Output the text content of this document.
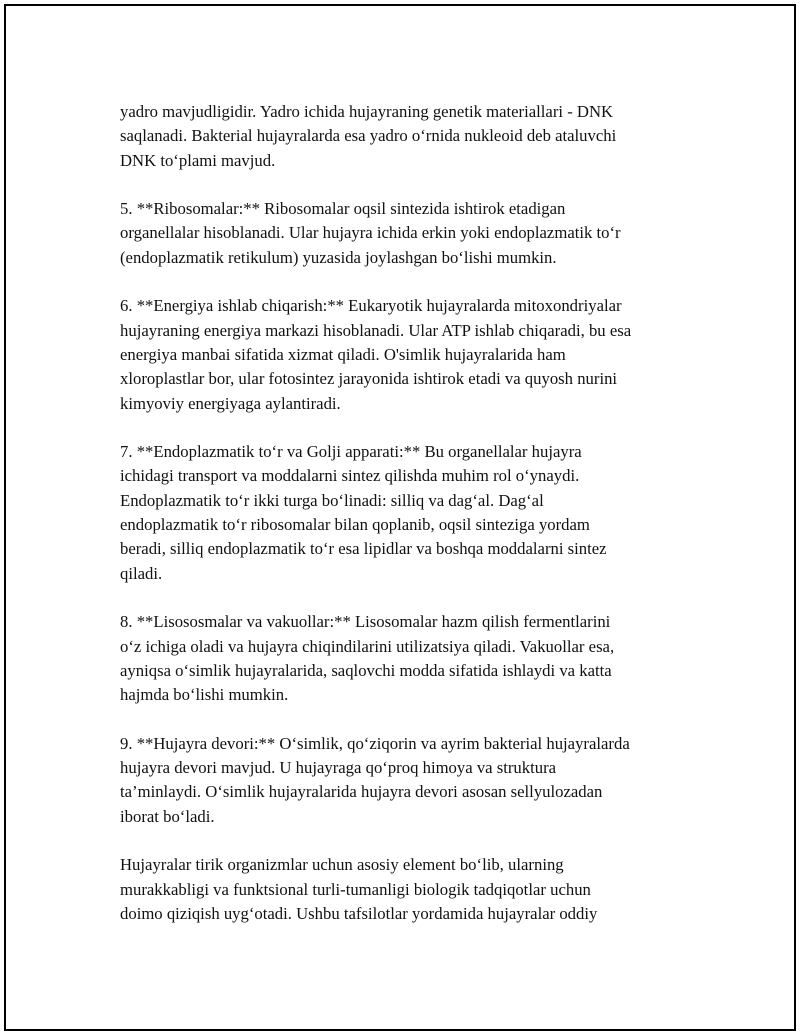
yadro mavjudligidir. Yadro ichida hujayraning genetik materiallari - DNK

saqlanadi. Bakterial hujayralarda esa yadro o‘rnida nukleoid deb ataluvchi

DNK to‘plami mavjud.

5. **Ribosomalar:** Ribosomalar oqsil sintezida ishtirok etadigan

organellalar hisoblanadi. Ular hujayra ichida erkin yoki endoplazmatik to‘r

(endoplazmatik retikulum) yuzasida joylashgan bo‘lishi mumkin.

6. **Energiya ishlab chiqarish:** Eukaryotik hujayralarda mitoxondriyalar

hujayraning energiya markazi hisoblanadi. Ular ATP ishlab chiqaradi, bu esa

energiya manbai sifatida xizmat qiladi. O'simlik hujayralarida ham

xloroplastlar bor, ular fotosintez jarayonida ishtirok etadi va quyosh nurini

kimyoviy energiyaga aylantiradi.

7. **Endoplazmatik to‘r va Golji apparati:** Bu organellalar hujayra

ichidagi transport va moddalarni sintez qilishda muhim rol o‘ynaydi.

Endoplazmatik to‘r ikki turga bo‘linadi: silliq va dag‘al. Dag‘al

endoplazmatik to‘r ribosomalar bilan qoplanib, oqsil sinteziga yordam

beradi, silliq endoplazmatik to‘r esa lipidlar va boshqa moddalarni sintez

qiladi.

8. **Lisososmalar va vakuollar:** Lisosomalar hazm qilish fermentlarini

o‘z ichiga oladi va hujayra chiqindilarini utilizatsiya qiladi. Vakuollar esa,

ayniqsa o‘simlik hujayralarida, saqlovchi modda sifatida ishlaydi va katta

hajmda bo‘lishi mumkin.

9. **Hujayra devori:** O‘simlik, qo‘ziqorin va ayrim bakterial hujayralarda

hujayra devori mavjud. U hujayraga qo‘proq himoya va struktura

ta’minlaydi. O‘simlik hujayralarida hujayra devori asosan sellyulozadan

iborat bo‘ladi.

Hujayralar tirik organizmlar uchun asosiy element bo‘lib, ularning

murakkabligi va funktsional turli-tumanligi biologik tadqiqotlar uchun

doimo qiziqish uyg‘otadi. Ushbu tafsilotlar yordamida hujayralar oddiy
